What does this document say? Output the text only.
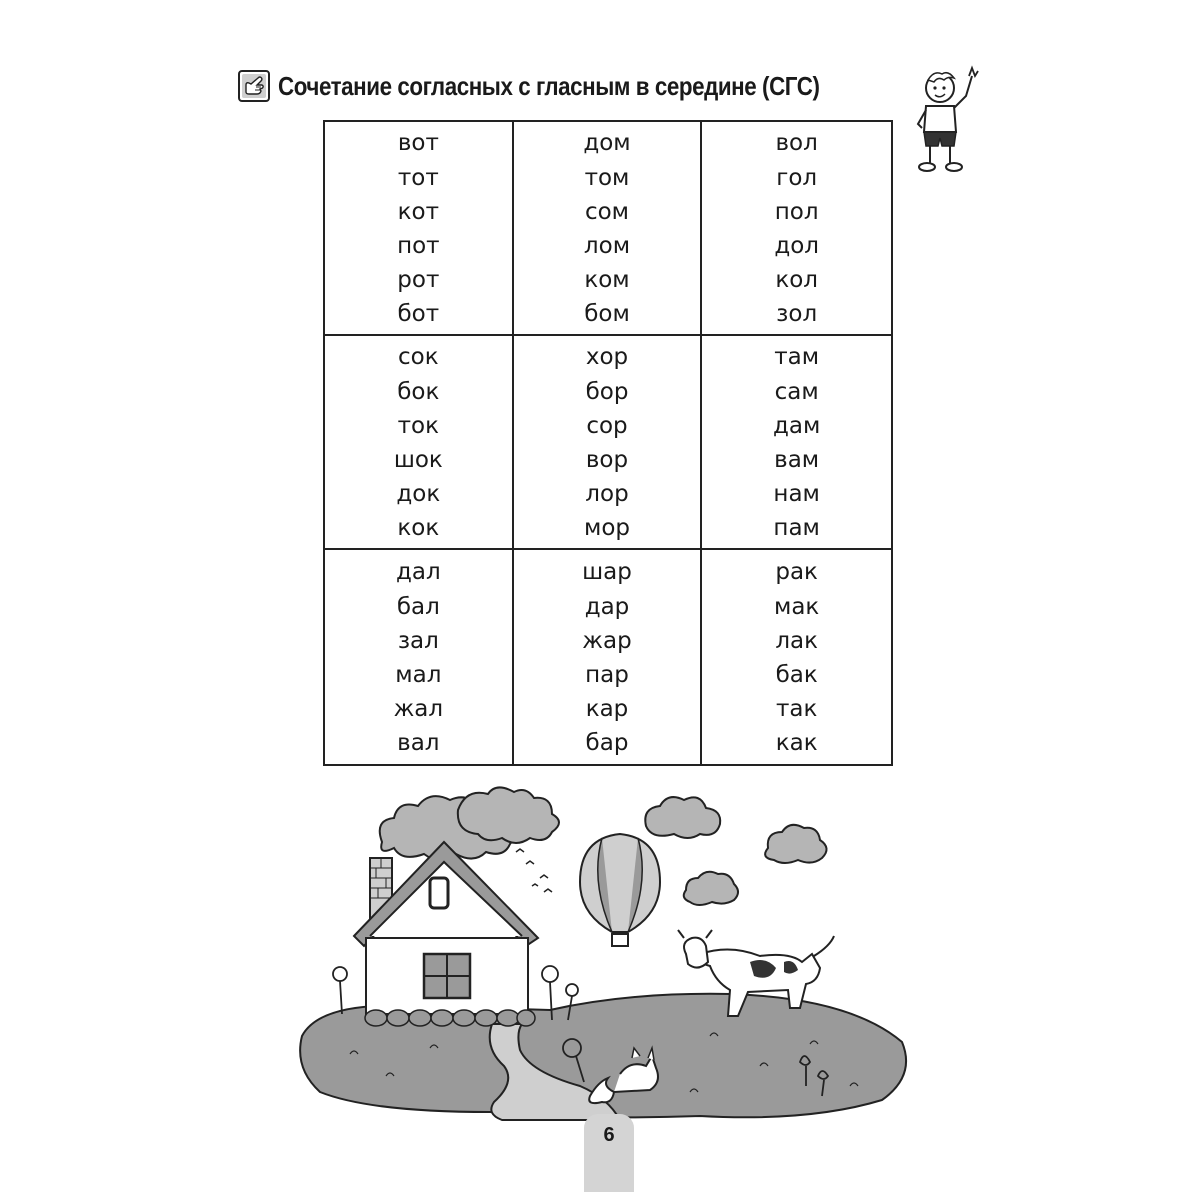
Сочетание согласных с гласным в середине (СГС)
вот
тот
кот
пот
рот
бот
дом
том
сом
лом
ком
бом
вол
гол
пол
дол
кол
зол
сок
бок
ток
шок
док
кок
хор
бор
сор
вор
лор
мор
там
сам
дам
вам
нам
пам
дал
бал
зал
мал
жал
вал
шар
дар
жар
пар
кар
бар
рак
мак
лак
бак
так
как
6
